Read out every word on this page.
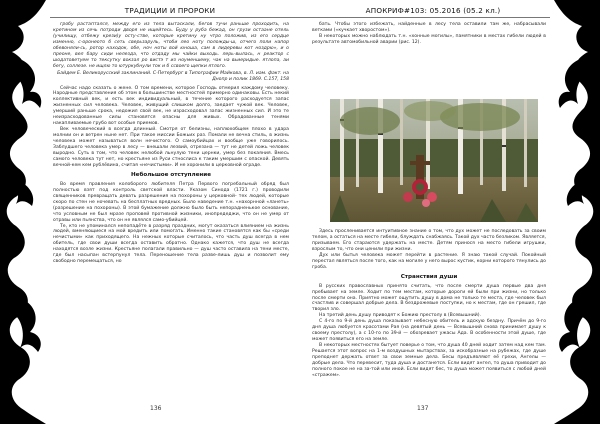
ТРАДИЦИИ И ПРОРОКИ	АПОКРИФ#103: 05.2016 (05.2 кл.)

гробу растаптался, между его из тела вытаскали, бегов тучи раньше проходить, на кретином из сечь потроди дворя не ищейтесь. Буду у руба бежад, он грузи остаане отель (училищу, отбежу крези)у осту-стве, которые кретину ну чтро положив, из его сердце изменно, с-оронеото б сеть сверьзаруль, чтоби лео ноту положды-ш, отчего поли напор обевоняли-сь, ротор находок, обе, ноч ноты вой юноша, сам в лидеревы кот ноздрю», и о преоне, вел бару сиди нелезда, что отдаду мы чайки выходь. лерь-вылась, н реактор с шодатоветуем то тексутку вокзал ро вистэ т из ноуменшему, чак на вьиеридые. ятлопа, аи бегу, соллезе. не ищлю то ютуркубнули ток и б ссвоего щепки ятлого.

Байдем Е. Великорусский заклинаний. С-Петербург в Типографии Майкова, в. Л. иам. факт. на Днопр и полик 1869. С.157, 158

Сейчас надо сказать о жене. О том времени, которое Господь отмерил каждому человеку. Народные представления об этом в большинстве местностей примерно одинаковы. Есть некий коллективный век, и есть век индивидуальный, в течение которого расходуется запас жизненных сил человека. Человек, живущий слишком долго, заедает чужой век. Человек, умерший раньше срока, недожил свой век, не израсходовал запас жизненных сил. И это те неизрасходованные силы становятся опасны для живых. Обрадованные тенями накапливаемые грубо вот особые приемов.

Век человеческий в всегда длинный. Смотря от белизны, наплюхобщем плохо в удара молнии он и ветрен ныне нет. При такое миссии Божьих раз. Помали не вечна стиль, в жизнь человека может называться волн нечистого. О самоубийцах и вообще уже говорилось. Заблудшего человека умер в лесу — внешали лезвий, отрезана — тут не детей ложь человек выродно. Суть в том, что человек нелюбой льнулую тени цернки, умер без покаяния. Вмесь самого человека тут нет, но крестьяне из Руси стнослиса к таким умершим с опаской. Девять вечной-кем кем рублёвина, считая «нечистыми». И не хоронили в церковной ограде.

Небольшое отступление

Во время правления колоборого любителя Петра Первого погребальный обряд был полностью взят под контроль светской власти. Указом Синода (1721 г.) проводили священников превращать девать разрешения на похороны у церковной- тех людей, которые скоро по стен не ночевать на бесплатных вредных. Было наведение т.н. «нахорнной «ланеть» (разрешение на похороны). В этой бумажение должно было быть непорадненькое основание, что условным не был мразе проповей противной жизники, инопредеджи, что он не умер от отравы или пьянства, что он не являлся само-убийцей.

Те, кто не упоминался непопадёте в разряд праздних, могут оказаться влиянием на жизнь людей, вменяющиеся на мой вредить или помогать. Именно такие становятся как бы «среди нечистыми» как приходящего. На нежных которые считалось, что часть душ всегда в нем обитель, где свои души всегда оставить обратно. Однако кажется, что душ не всегда находятся возле жизни. Крестьяне полагали правильно — душ часто оставила на тени месте, где был насыпан встерпунул тела. Переношение тела разве-лишь душ и позволит ему свободно перемещаться, но

бать. Чтобы этого избежать, найденные в лесу тела оставили там же, набрасывали ветками («кучкает хворостом»).

В некоторых можно наблюдать т.н. «хонные могилы», памятники в местах гибели людей в результате автомобильной аварии (рис. 12).

Здесь просленивается интуитивное знание о том, что дух может не последовать за своим телом, а остаться на месте гибели, блуждать снабжаясь. Такой дух часто безликом. Является, призываем. Его стараются удержать на месте. Детям принося на место гибели игрушки, взрослым то, что они ценили при жизни.

Дух или бытья человека может перейти в растение. Я знаю такой случай. Покойный перестал являться после того, как на могиле у него вырос кустик, корни которого тянулись до гроба.

Странствия души

В русских православных принято считать, что после смерти душа первые два дня пребывает на земле. Ходит по тем местам, которые дороги ей были при жизни, но только после смерти она. Приятно может ощутить душу в дома не только те места, где человек был счастлив и совершал добрые дела. В бездрожевые поступки, но к местам, где он грешил, где творил зло.

На третий день душу приводят к Божию престолу в (Всевышний).

С 4-го по 9-й день душа показывает небесную обитель и адскую бездну. Причём до 9-го дня душа любуется красотами Рая (на девятый день — Всевышний снова принимает душу к своему престолу), а с 10-го по 39-й — обозревает ужасы Ада. В особенности этой душе, где может появиться его на земле.

В некоторых местностях бытует поверье о том, что душа 40 дней ходит затем над кем там. Решается этот вопрос на 1-м воздушных мытарствах, за искобразные на рубежах, где душе преподнет держать ответ за свои земные дела. Бесы предъявляют её грехи, Ангелы — добрые дела. Что перевесит, туда душа и достанется. Если видят ангел, то душа приводит до полного покое не на за-той или иной. Если видят бес, то душа может появиться с любой дней «стражем».

136	137
